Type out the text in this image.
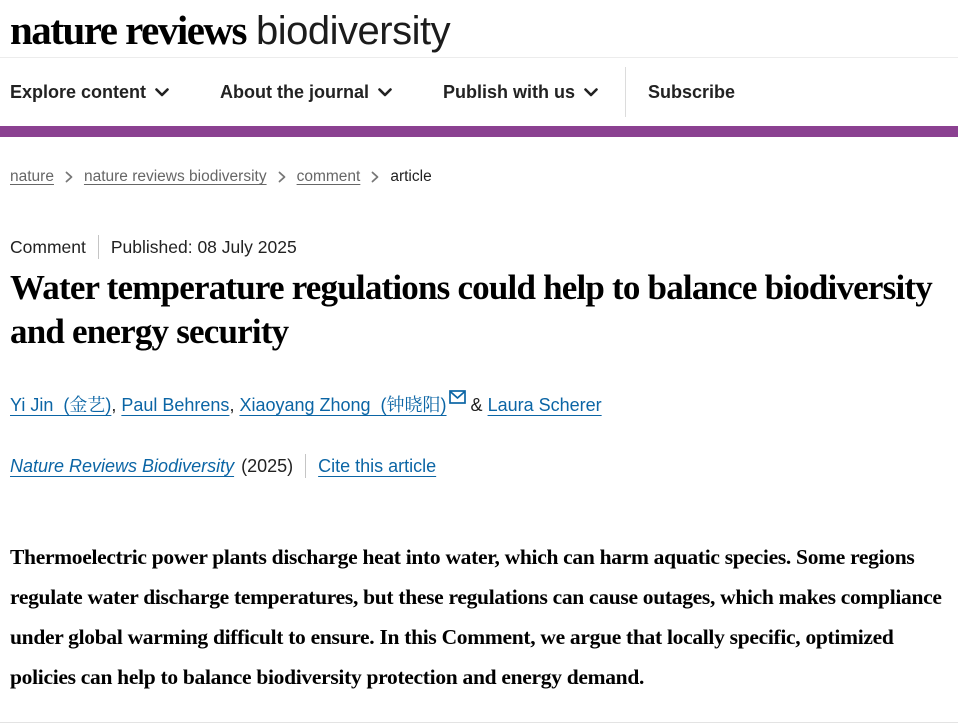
nature reviews biodiversity
Explore content	About the journal	Publish with us	Subscribe
nature nature reviews biodiversity comment article
Comment Published: 08 July 2025
Water temperature regulations could help to balance biodiversity and energy security
Yi Jin  (金艺), Paul Behrens, Xiaoyang Zhong  (钟晓阳) & Laura Scherer
Nature Reviews Biodiversity (2025) Cite this article

Thermoelectric power plants discharge heat into water, which can harm aquatic species. Some regions regulate water discharge temperatures, but these regulations can cause outages, which makes compliance under global warming difficult to ensure. In this Comment, we argue that locally specific, optimized policies can help to balance biodiversity protection and energy demand.
